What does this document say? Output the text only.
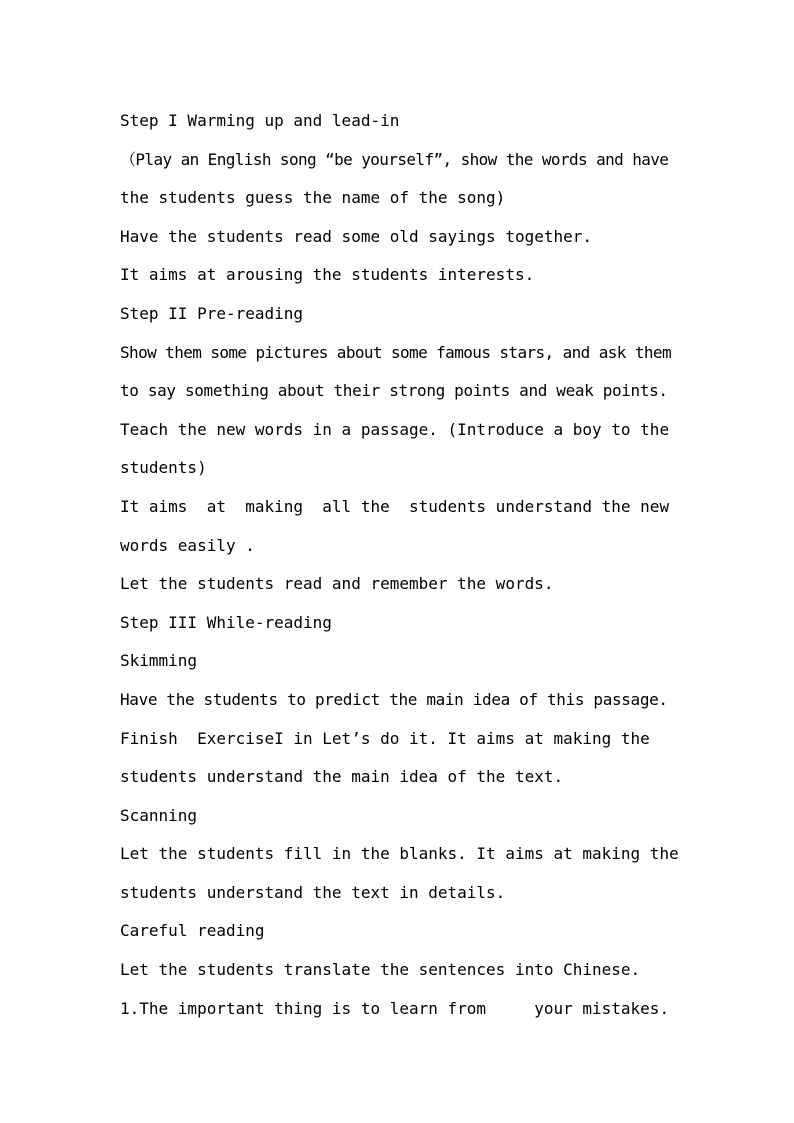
Step I Warming up and lead-in
（Play an English song “be yourself”, show the words and have
the students guess the name of the song)
Have the students read some old sayings together.
It aims at arousing the students interests.
Step II Pre-reading
Show them some pictures about some famous stars, and ask them
to say something about their strong points and weak points.
Teach the new words in a passage. (Introduce a boy to the
students)
It aims  at  making  all the  students understand the new
words easily .
Let the students read and remember the words.
Step III While-reading
Skimming
Have the students to predict the main idea of this passage.
Finish  ExerciseI in Let’s do it. It aims at making the
students understand the main idea of the text.
Scanning
Let the students fill in the blanks. It aims at making the
students understand the text in details.
Careful reading
Let the students translate the sentences into Chinese.
1.The important thing is to learn from     your mistakes.
